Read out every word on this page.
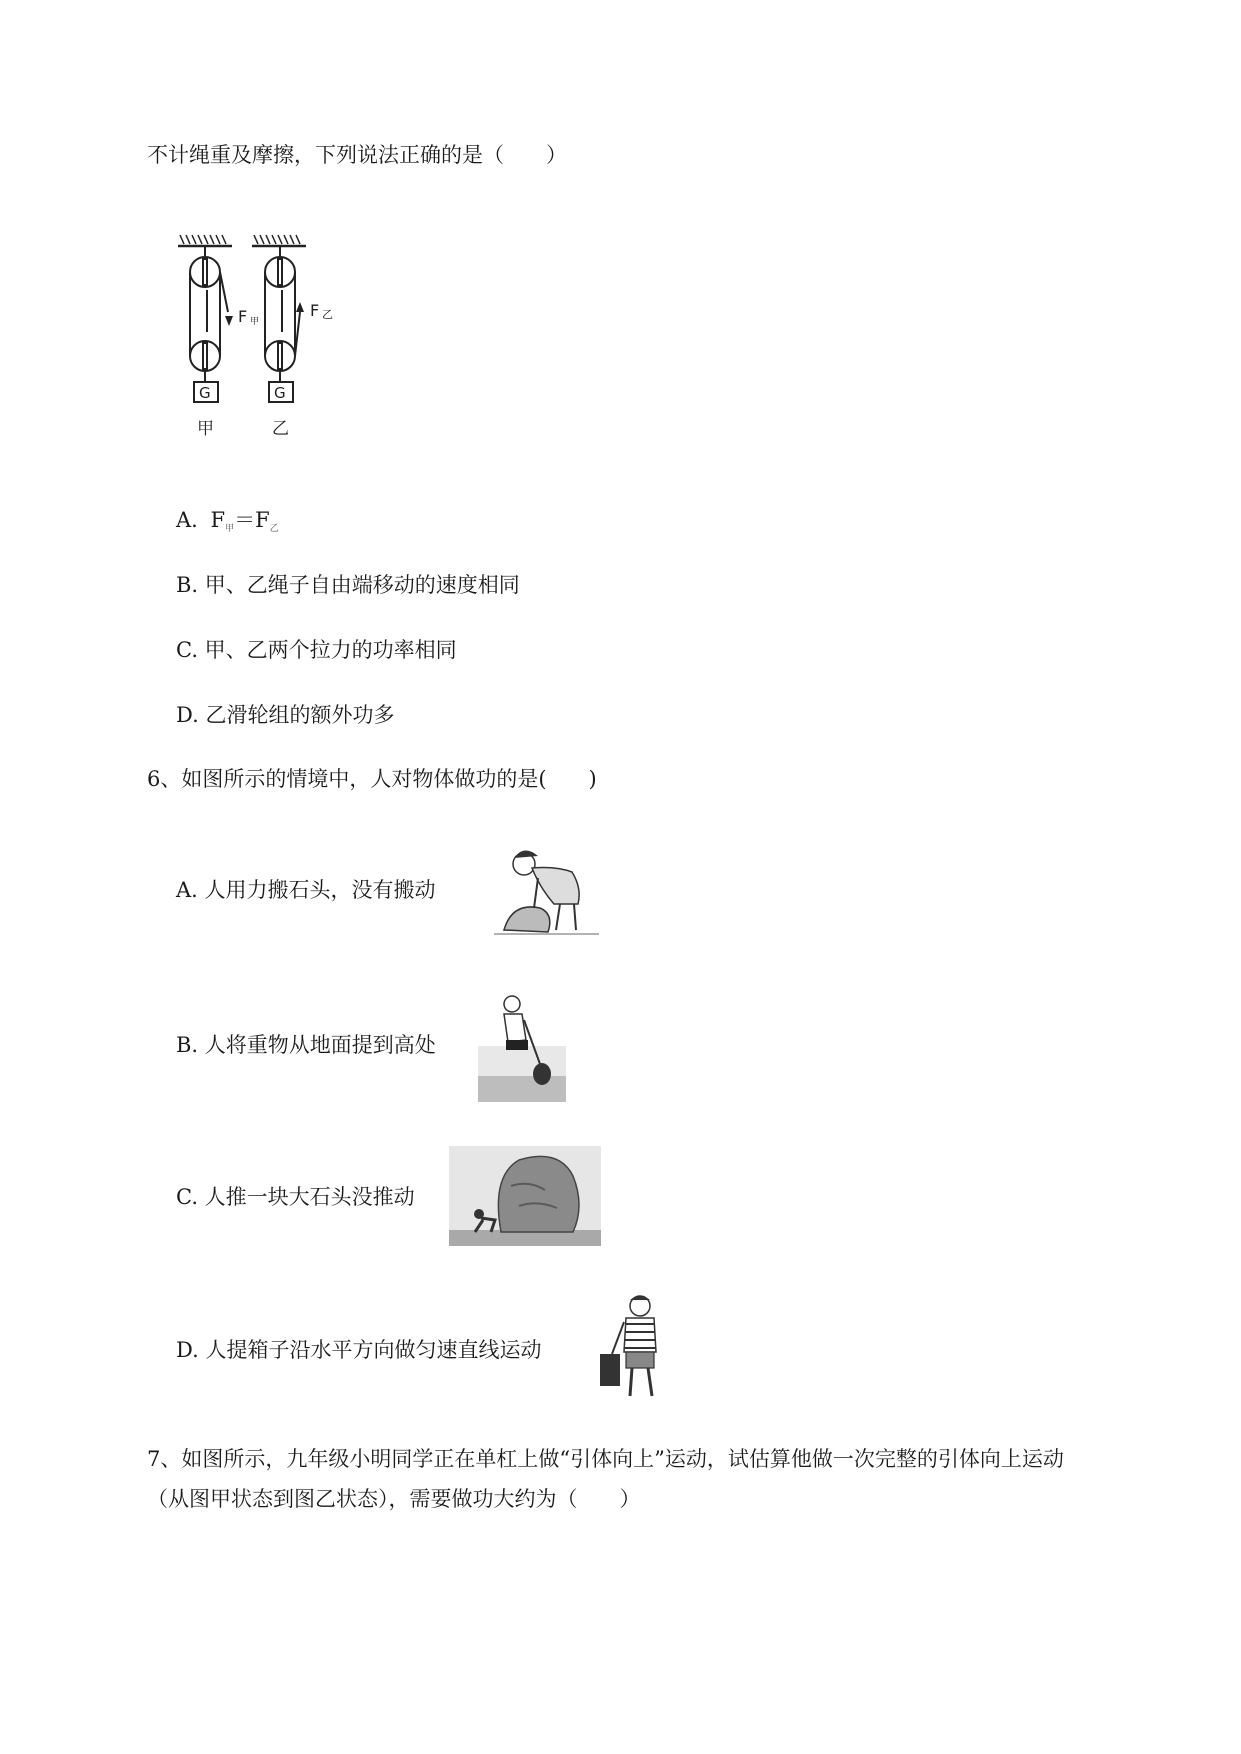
不计绳重及摩擦，下列说法正确的是（　　）
F 甲
G
甲
F 乙
G
乙
A. $F_甲=F_乙$
B. 甲、乙绳子自由端移动的速度相同
C. 甲、乙两个拉力的功率相同
D. 乙滑轮组的额外功多
6、如图所示的情境中，人对物体做功的是(　　)
A. 人用力搬石头，没有搬动
B. 人将重物从地面提到高处
C. 人推一块大石头没推动
D. 人提箱子沿水平方向做匀速直线运动
7、如图所示，九年级小明同学正在单杠上做“引体向上”运动，试估算他做一次完整的引体向上运动
（从图甲状态到图乙状态），需要做功大约为（　　）
